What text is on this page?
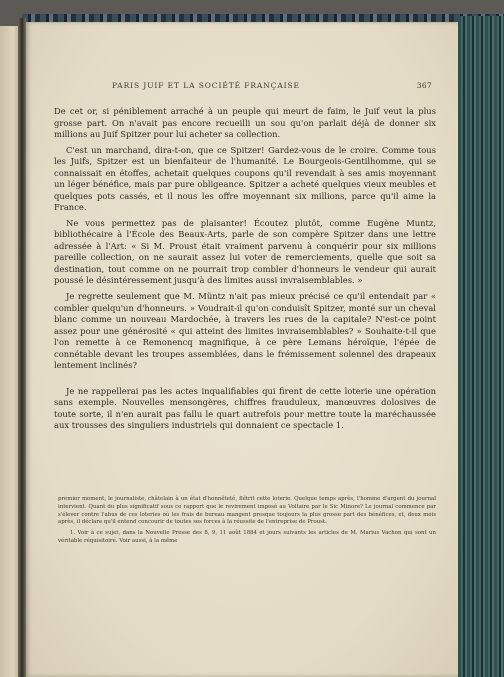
PARIS JUIF ET LA SOCIÉTÉ FRANÇAISE	367

De cet or, si péniblement arraché à un peuple qui meurt de faim, le Juif veut la plus grosse part. On n'avait pas encore recueilli un sou qu'on parlait déjà de donner six millions au Juif Spitzer pour lui acheter sa collection.

C'est un marchand, dira-t-on, que ce Spitzer! Gardez-vous de le croire. Comme tous les Juifs, Spitzer est un bienfaiteur de l'humanité. Le Bourgeois-Gentilhomme, qui se connaissait en étoffes, achetait quelques coupons qu'il revendait à ses amis moyennant un léger bénéfice, mais par pure obligeance. Spitzer a acheté quelques vieux meubles et quelques pots cassés, et il nous les offre moyennant six millions, parce qu'il aime la France.

Ne vous permettez pas de plaisanter! Écoutez plutôt, comme Eugène Muntz, bibliothécaire à l'École des Beaux-Arts, parle de son compère Spitzer dans une lettre adressée à l'Art: « Si M. Proust était vraiment parvenu à conquérir pour six millions pareille collection, on ne saurait assez lui voter de remerciements, quelle que soit sa destination, tout comme on ne pourrait trop combler d'honneurs le vendeur qui aurait poussé le désintéressement jusqu'à des limites aussi invraisemblables. »

Je regrette seulement que M. Müntz n'ait pas mieux précisé ce qu'il entendait par « combler quelqu'un d'honneurs. » Voudrait-il qu'on conduisît Spitzer, monté sur un cheval blanc comme un nouveau Mardochée, à travers les rues de la capitale? N'est-ce point assez pour une générosité « qui atteint des limites invraisemblables? » Souhaite-t-il que l'on remette à ce Remonencq magnifique, à ce père Lemans héroïque, l'épée de connétable devant les troupes assemblées, dans le frémissement solennel des drapeaux lentement inclinés?

Je ne rappellerai pas les actes inqualifiables qui firent de cette loterie une opération sans exemple. Nouvelles mensongères, chiffres frauduleux, manœuvres dolosives de toute sorte, il n'en aurait pas fallu le quart autrefois pour mettre toute la maréchaussée aux trousses des singuliers industriels qui donnaient ce spectacle 1.

premier moment, le journaliste, châtelain à un état d'honnêteté, flétrit cette loterie. Quelque temps après, l'homme d'argent du journal intervient. Quant du plus significatif sous ce rapport que le revirement imposé au Voltaire par le Sic Minore? Le journal commence par s'élever contre l'abus de ces loteries où les frais de bureau mangent presque toujours la plus grosse part des bénéfices, et, deux mois après, il déclare qu'il entend concourir de toutes ses forces à la réussite de l'entreprise de Proust.

1. Voir à ce sujet, dans la Nouvelle Presse des 8, 9, 11 août 1884 et jours suivants les articles de M. Marius Vachon qui sont un véritable réquisitoire. Voir aussi, à la même
